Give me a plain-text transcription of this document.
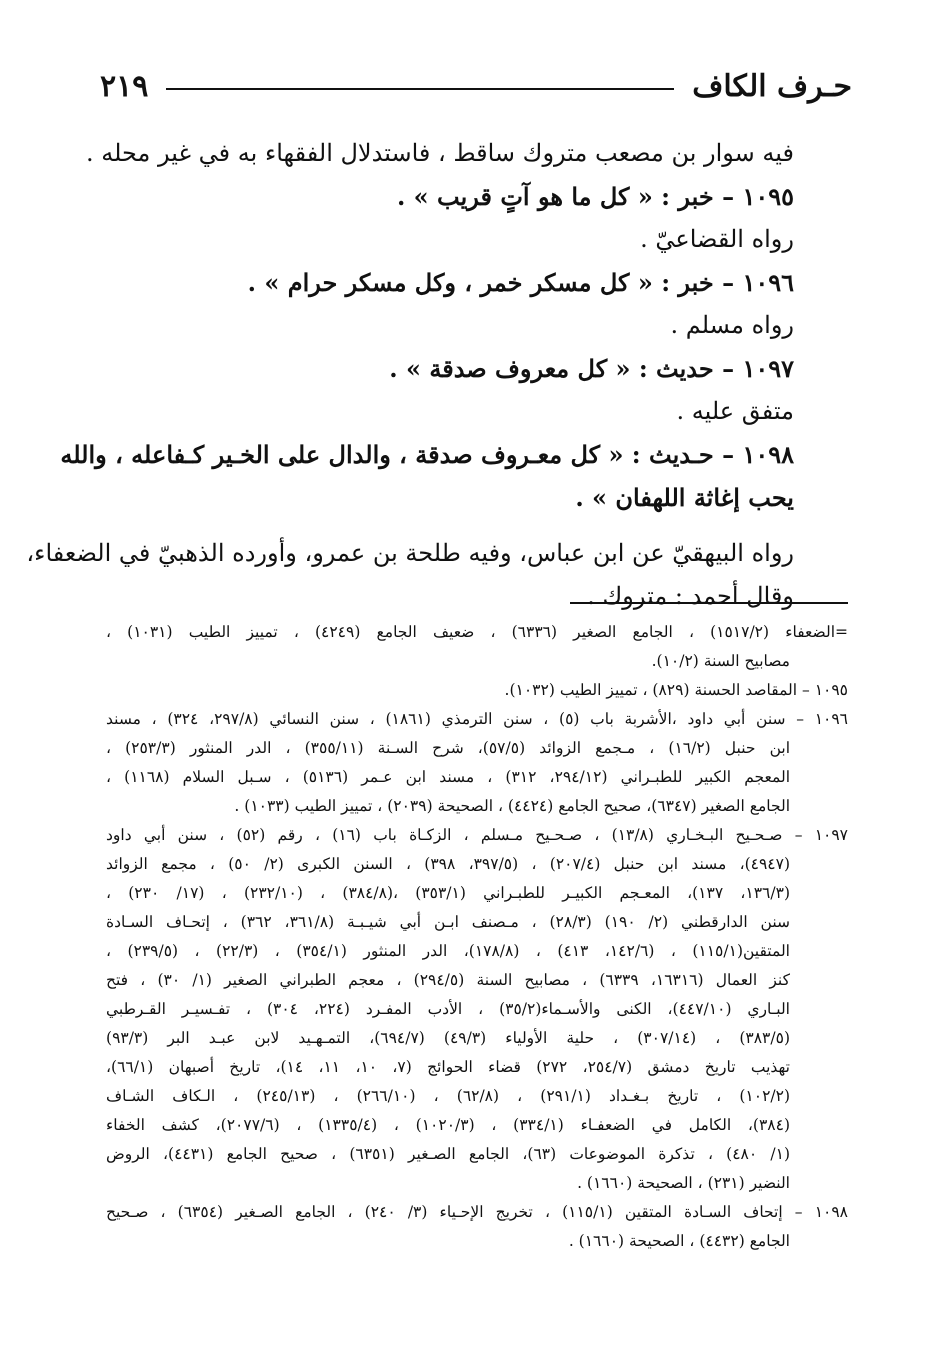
حـرف الكاف
٢١٩
فيه سوار بن مصعب متروك ساقط ، فاستدلال الفقهاء به في غير محله .
١٠٩٥ – خبر : « كل ما هو آتٍ قريب » .
رواه القضاعيّ .
١٠٩٦ – خبر : « كل مسكر خمر ، وكل مسكر حرام » .
رواه مسلم .
١٠٩٧ – حديث : « كل معروف صدقة » .
متفق عليه .
١٠٩٨ – حـديث : « كل معـروف صدقة ، والدال على الخـير كـفاعله ، والله
يحب إغاثة اللهفان » .
رواه البيهقيّ عن ابن عباس، وفيه طلحة بن عمرو، وأورده الذهبيّ في الضعفاء،
وقال أحمد : متروك .
=الضعفاء (١٥١٧/٢) ، الجامع الصغير (٦٣٣٦) ، ضعيف الجامع (٤٢٤٩) ، تمييز الطيب (١٠٣١) ،
مصابيح السنة (١٠/٢).
١٠٩٥ – المقاصد الحسنة (٨٢٩) ، تمييز الطيب (١٠٣٢).
١٠٩٦ – سنن أبي داود ،الأشربة باب (٥) ، سنن الترمذي (١٨٦١) ، سنن النسائي (٢٩٧/٨، ٣٢٤) ، مسند
ابن حنبل (١٦/٢) ، مـجمع الزوائد (٥٧/٥)، شرح السـنة (٣٥٥/١١) ، الدر المنثور (٢٥٣/٣) ،
المعجم الكبير للطبـراني (٢٩٤/١٢، ٣١٢) ، مسند ابن عـمر (٥١٣٦) ، سـبل السلام (١١٦٨) ،
الجامع الصغير (٦٣٤٧)، صحيح الجامع (٤٤٢٤) ، الصحيحة (٢٠٣٩) ، تمييز الطيب (١٠٣٣) .
١٠٩٧ – صـحـيح البـخـاري (١٣/٨) ، صـحـيح مـسلم ، الزكـاة باب (١٦) ، رقم (٥٢) ، سنن أبي داود
(٤٩٤٧)، مسند ابن حنبل (٢٠٧/٤) ، (٣٩٧/٥، ٣٩٨) ، السنن الكبرى (٢/ ٥٠) ، مجمع الزوائد
(١٣٦/٣، ١٣٧)، المعـجم الكبيـر للطبـراني (٣٥٣/١) ،(٣٨٤/٨) ، (٢٣٢/١٠) ، (١٧/ ٢٣٠) ،
سنن الدارقطني (٢/ ١٩٠) (٢٨/٣) ، مـصنف ابـن أبي شيـبـة (٣٦١/٨، ٣٦٢) ، إتحـاف السـادة
المتقين(١١٥/١) ، (١٤٢/٦، ٤١٣) ، (١٧٨/٨)، الدر المنثور (٣٥٤/١) ، (٢٢/٣) ، (٢٣٩/٥) ،
كنز العمال (١٦٣١٦، ٦٣٣٩) ، مصابيح السنة (٢٩٤/٥) ، معجم الطبراني الصغير (١/ ٣٠) ، فتح
البـاري (٤٤٧/١٠)، الكنى والأسـماء(٣٥/٢) ، الأدب المفـرد (٢٢٤، ٣٠٤) ، تفـسيـر القـرطبي
(٣٨٣/٥) ، (٣٠٧/١٤) ، حلية الأولياء (٤٩/٣) (٦٩٤/٧)، التمـهـيد لابن عبـد البر (٩٣/٣)
تهذيب تاريخ دمشق (٢٥٤/٧، ٢٧٢) قضاء الحوائج (٧، ١٠، ١١، ١٤)، تاريخ أصبهان (٦٦/١)،
(١٠٢/٢) ، تاريخ بـغـداد (٢٩١/١) ، (٦٢/٨) ، (٢٦٦/١٠) ، (٢٤٥/١٣) ، الـكاف الشـاف
(٣٨٤)، الكامل في الضعفـاء (٣٣٤/١) ، (١٠٢٠/٣) ، (١٣٣٥/٤) ، (٢٠٧٧/٦)، كشف الخفاء
(١/ ٤٨٠) ، تذكرة الموضوعات (٦٣)، الجامع الصـغير (٦٣٥١) ، صحيح الجامع (٤٤٣١)، الروض
النضير (٢٣١) ، الصحيحة (١٦٦٠) .
١٠٩٨ – إتحاف السـادة المتقين (١١٥/١) ، تخريج الإحـياء (٣/ ٢٤٠) ، الجامع الصـغير (٦٣٥٤) ، صـحيح
الجامع (٤٤٣٢) ، الصحيحة (١٦٦٠) .
